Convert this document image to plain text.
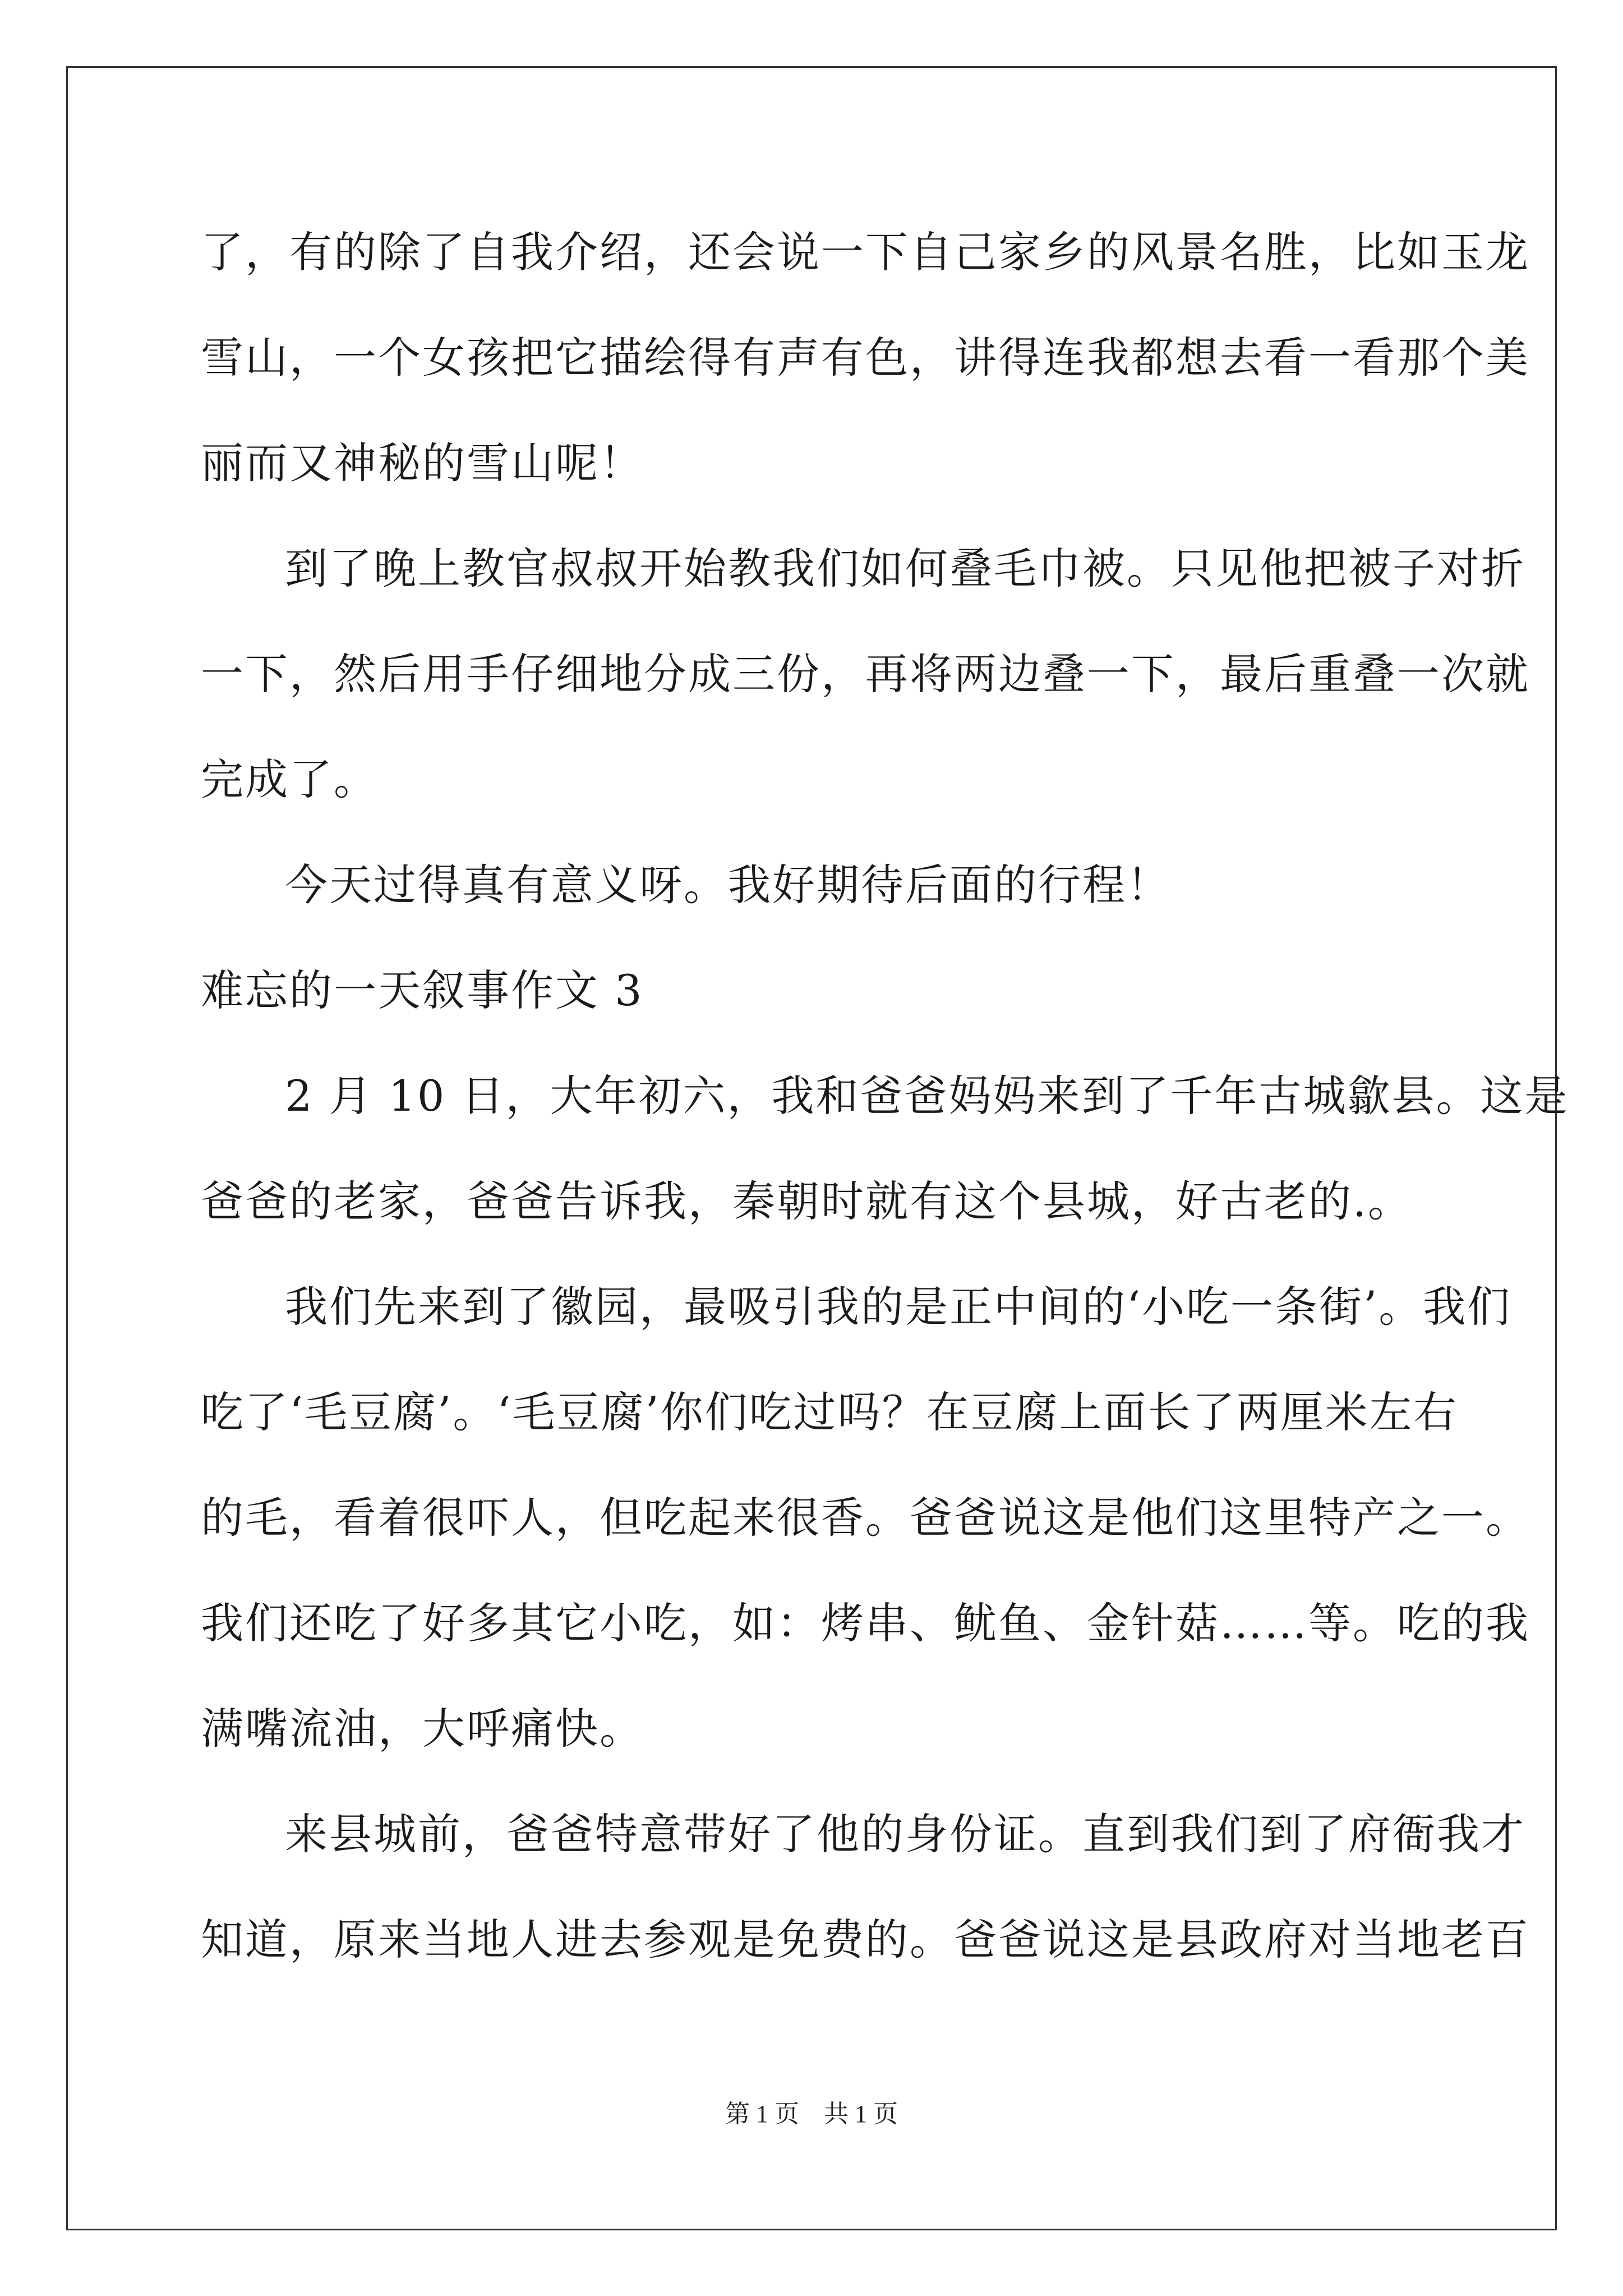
了，有的除了自我介绍，还会说一下自己家乡的风景名胜，比如玉龙
雪山，一个女孩把它描绘得有声有色，讲得连我都想去看一看那个美
丽而又神秘的雪山呢！
到了晚上教官叔叔开始教我们如何叠毛巾被。只见他把被子对折
一下，然后用手仔细地分成三份，再将两边叠一下，最后重叠一次就
完成了。
今天过得真有意义呀。我好期待后面的行程！
难忘的一天叙事作文 3
2 月 10 日，大年初六，我和爸爸妈妈来到了千年古城歙县。这是
爸爸的老家，爸爸告诉我，秦朝时就有这个县城，好古老的.。
我们先来到了徽园，最吸引我的是正中间的‘小吃一条街’。我们
吃了‘毛豆腐’。‘毛豆腐’你们吃过吗？在豆腐上面长了两厘米左右
的毛，看着很吓人，但吃起来很香。爸爸说这是他们这里特产之一。
我们还吃了好多其它小吃，如：烤串、鱿鱼、金针菇……等。吃的我
满嘴流油，大呼痛快。
来县城前，爸爸特意带好了他的身份证。直到我们到了府衙我才
知道，原来当地人进去参观是免费的。爸爸说这是县政府对当地老百
第 1 页　共 1 页
